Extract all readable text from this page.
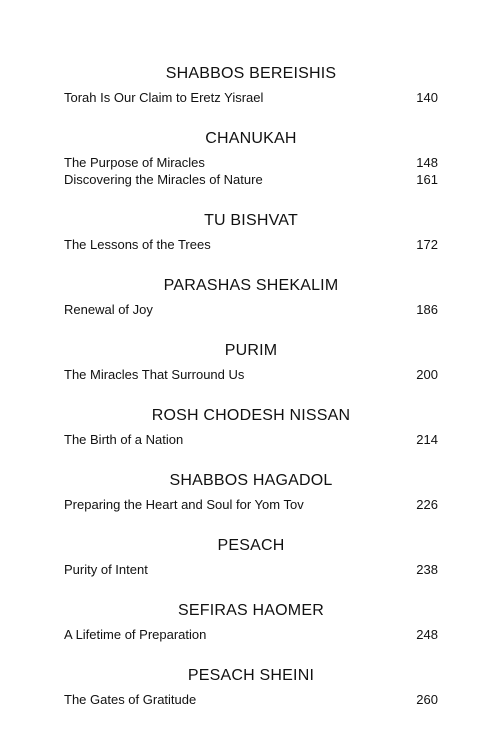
SHABBOS BEREISHIS
Torah Is Our Claim to Eretz Yisrael	140
CHANUKAH
The Purpose of Miracles	148
Discovering the Miracles of Nature	161
TU BISHVAT
The Lessons of the Trees	172
PARASHAS SHEKALIM
Renewal of Joy	186
PURIM
The Miracles That Surround Us	200
ROSH CHODESH NISSAN
The Birth of a Nation	214
SHABBOS HAGADOL
Preparing the Heart and Soul for Yom Tov	226
PESACH
Purity of Intent	238
SEFIRAS HAOMER
A Lifetime of Preparation	248
PESACH SHEINI
The Gates of Gratitude	260
